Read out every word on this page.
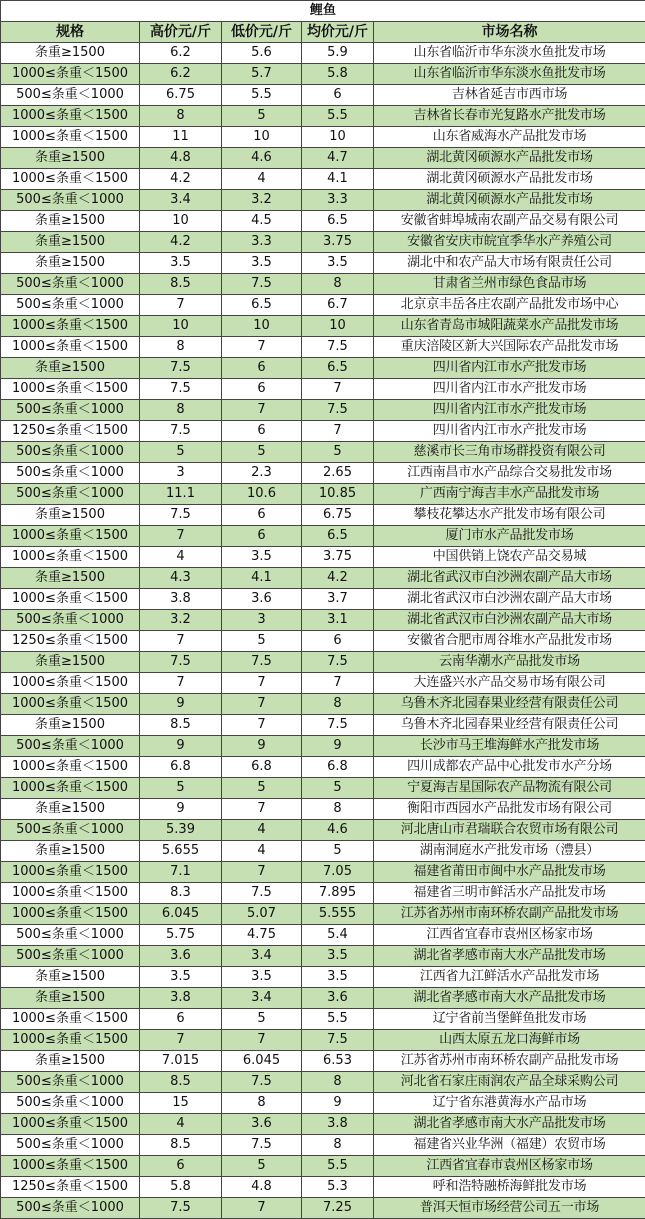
鲤鱼				
规格	高价元/斤	低价元/斤	均价元/斤	市场名称
条重≥1500	6.2	5.6	5.9	山东省临沂市华东淡水鱼批发市场
1000≤条重＜1500	6.2	5.7	5.8	山东省临沂市华东淡水鱼批发市场
500≤条重＜1000	6.75	5.5	6	吉林省延吉市西市场
1000≤条重＜1500	8	5	5.5	吉林省长春市光复路水产批发市场
1000≤条重＜1500	11	10	10	山东省威海水产品批发市场
条重≥1500	4.8	4.6	4.7	湖北黄冈硕源水产品批发市场
1000≤条重＜1500	4.2	4	4.1	湖北黄冈硕源水产品批发市场
500≤条重＜1000	3.4	3.2	3.3	湖北黄冈硕源水产品批发市场
条重≥1500	10	4.5	6.5	安徽省蚌埠城南农副产品交易有限公司
条重≥1500	4.2	3.3	3.75	安徽省安庆市皖宜季华水产养殖公司
条重≥1500	3.5	3.5	3.5	湖北中和农产品大市场有限责任公司
500≤条重＜1000	8.5	7.5	8	甘肃省兰州市绿色食品市场
500≤条重＜1000	7	6.5	6.7	北京京丰岳各庄农副产品批发市场中心
1000≤条重＜1500	10	10	10	山东省青岛市城阳蔬菜水产品批发市场
1000≤条重＜1500	8	7	7.5	重庆涪陵区新大兴国际农产品批发市场
条重≥1500	7.5	6	6.5	四川省内江市水产批发市场
1000≤条重＜1500	7.5	6	7	四川省内江市水产批发市场
500≤条重＜1000	8	7	7.5	四川省内江市水产批发市场
1250≤条重＜1500	7.5	6	7	四川省内江市水产批发市场
500≤条重＜1000	5	5	5	慈溪市长三角市场群投资有限公司
500≤条重＜1000	3	2.3	2.65	江西南昌市水产品综合交易批发市场
500≤条重＜1000	11.1	10.6	10.85	广西南宁海吉丰水产品批发市场
条重≥1500	7.5	6	6.75	攀枝花攀达水产批发市场有限公司
1000≤条重＜1500	7	6	6.5	厦门市水产品批发市场
1000≤条重＜1500	4	3.5	3.75	中国供销上饶农产品交易城
条重≥1500	4.3	4.1	4.2	湖北省武汉市白沙洲农副产品大市场
1000≤条重＜1500	3.8	3.6	3.7	湖北省武汉市白沙洲农副产品大市场
500≤条重＜1000	3.2	3	3.1	湖北省武汉市白沙洲农副产品大市场
1250≤条重＜1500	7	5	6	安徽省合肥市周谷堆水产品批发市场
条重≥1500	7.5	7.5	7.5	云南华潮水产品批发市场
1000≤条重＜1500	7	7	7	大连盛兴水产品交易市场有限公司
1000≤条重＜1500	9	7	8	乌鲁木齐北园春果业经营有限责任公司
条重≥1500	8.5	7	7.5	乌鲁木齐北园春果业经营有限责任公司
500≤条重＜1000	9	9	9	长沙市马王堆海鲜水产批发市场
1000≤条重＜1500	6.8	6.8	6.8	四川成都农产品中心批发市水产分场
1000≤条重＜1500	5	5	5	宁夏海吉星国际农产品物流有限公司
条重≥1500	9	7	8	衡阳市西园水产品批发市场有限公司
500≤条重＜1000	5.39	4	4.6	河北唐山市君瑞联合农贸市场有限公司
条重≥1500	5.655	4	5	湖南洞庭水产批发市场（澧县）
1000≤条重＜1500	7.1	7	7.05	福建省莆田市闽中水产品批发市场
1000≤条重＜1500	8.3	7.5	7.895	福建省三明市鲜活水产品批发市场
1000≤条重＜1500	6.045	5.07	5.555	江苏省苏州市南环桥农副产品批发市场
500≤条重＜1000	5.75	4.75	5.4	江西省宜春市袁州区杨家市场
500≤条重＜1000	3.6	3.4	3.5	湖北省孝感市南大水产品批发市场
条重≥1500	3.5	3.5	3.5	江西省九江鲜活水产品批发市场
条重≥1500	3.8	3.4	3.6	湖北省孝感市南大水产品批发市场
1000≤条重＜1500	6	5	5.5	辽宁省前当堡鲜鱼批发市场
1000≤条重＜1500	7	7	7.5	山西太原五龙口海鲜市场
条重≥1500	7.015	6.045	6.53	江苏省苏州市南环桥农副产品批发市场
500≤条重＜1000	8.5	7.5	8	河北省石家庄雨润农产品全球采购公司
500≤条重＜1000	15	8	9	辽宁省东港黄海水产品市场
1000≤条重＜1500	4	3.6	3.8	湖北省孝感市南大水产品批发市场
500≤条重＜1000	8.5	7.5	8	福建省兴业华洲（福建）农贸市场
1000≤条重＜1500	6	5	5.5	江西省宜春市袁州区杨家市场
1250≤条重＜1500	5.8	4.8	5.3	呼和浩特融桥海鲜批发市场
500≤条重＜1000	7.5	7	7.25	普洱天恒市场经营公司五一市场
